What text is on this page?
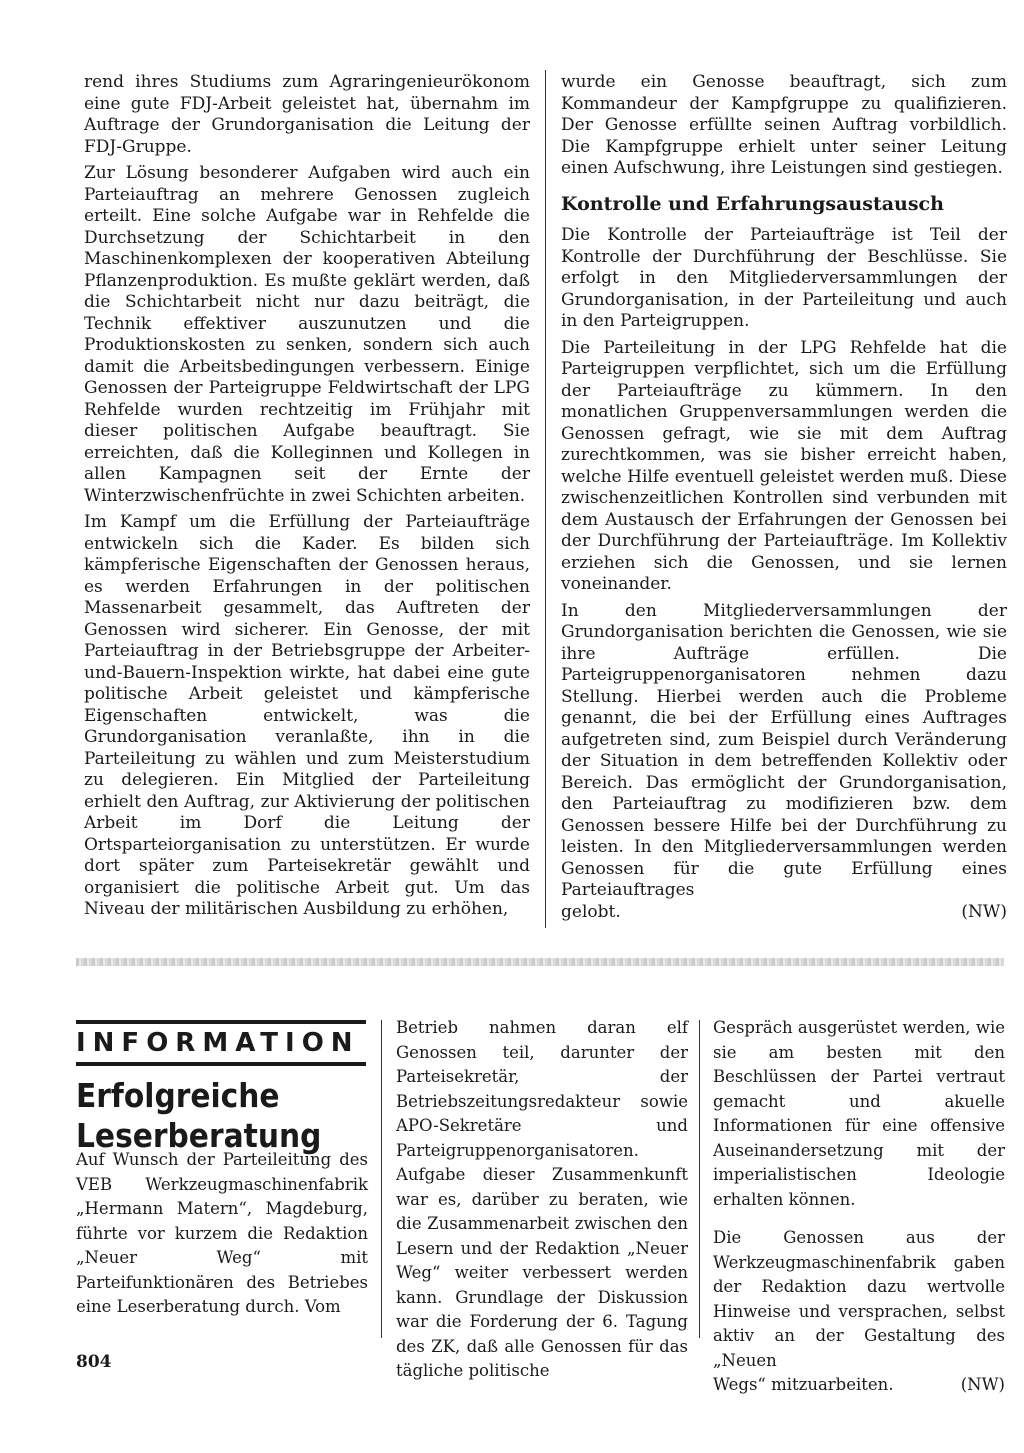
rend ihres Studiums zum Agraringenieurökonom eine gute FDJ-Arbeit geleistet hat, übernahm im Auftrage der Grundorganisation die Leitung der FDJ-Gruppe.

Zur Lösung besonderer Aufgaben wird auch ein Parteiauftrag an mehrere Genossen zugleich erteilt. Eine solche Aufgabe war in Rehfelde die Durchsetzung der Schichtarbeit in den Maschinenkomplexen der kooperativen Abteilung Pflanzenproduktion. Es mußte geklärt werden, daß die Schichtarbeit nicht nur dazu beiträgt, die Technik effektiver auszunutzen und die Produktionskosten zu senken, sondern sich auch damit die Arbeitsbedingungen verbessern. Einige Genossen der Parteigruppe Feldwirtschaft der LPG Rehfelde wurden rechtzeitig im Frühjahr mit dieser politischen Aufgabe beauftragt. Sie erreichten, daß die Kolleginnen und Kollegen in allen Kampagnen seit der Ernte der Winterzwischenfrüchte in zwei Schichten arbeiten.

Im Kampf um die Erfüllung der Parteiaufträge entwickeln sich die Kader. Es bilden sich kämpferische Eigenschaften der Genossen heraus, es werden Erfahrungen in der politischen Massenarbeit gesammelt, das Auftreten der Genossen wird sicherer. Ein Genosse, der mit Parteiauftrag in der Betriebsgruppe der Arbeiter-und-Bauern-Inspektion wirkte, hat dabei eine gute politische Arbeit geleistet und kämpferische Eigenschaften entwickelt, was die Grundorganisation veranlaßte, ihn in die Parteileitung zu wählen und zum Meisterstudium zu delegieren. Ein Mitglied der Parteileitung erhielt den Auftrag, zur Aktivierung der politischen Arbeit im Dorf die Leitung der Ortsparteiorganisation zu unterstützen. Er wurde dort später zum Parteisekretär gewählt und organisiert die politische Arbeit gut. Um das Niveau der militärischen Ausbildung zu erhöhen,

wurde ein Genosse beauftragt, sich zum Kommandeur der Kampfgruppe zu qualifizieren. Der Genosse erfüllte seinen Auftrag vorbildlich. Die Kampfgruppe erhielt unter seiner Leitung einen Aufschwung, ihre Leistungen sind gestiegen.

Kontrolle und Erfahrungsaustausch

Die Kontrolle der Parteiaufträge ist Teil der Kontrolle der Durchführung der Beschlüsse. Sie erfolgt in den Mitgliederversammlungen der Grundorganisation, in der Parteileitung und auch in den Parteigruppen.

Die Parteileitung in der LPG Rehfelde hat die Parteigruppen verpflichtet, sich um die Erfüllung der Parteiaufträge zu kümmern. In den monatlichen Gruppenversammlungen werden die Genossen gefragt, wie sie mit dem Auftrag zurechtkommen, was sie bisher erreicht haben, welche Hilfe eventuell geleistet werden muß. Diese zwischenzeitlichen Kontrollen sind verbunden mit dem Austausch der Erfahrungen der Genossen bei der Durchführung der Parteiaufträge. Im Kollektiv erziehen sich die Genossen, und sie lernen voneinander.

In den Mitgliederversammlungen der Grundorganisation berichten die Genossen, wie sie ihre Aufträge erfüllen. Die Parteigruppenorganisatoren nehmen dazu Stellung. Hierbei werden auch die Probleme genannt, die bei der Erfüllung eines Auftrages aufgetreten sind, zum Beispiel durch Veränderung der Situation in dem betreffenden Kollektiv oder Bereich. Das ermöglicht der Grundorganisation, den Parteiauftrag zu modifizieren bzw. dem Genossen bessere Hilfe bei der Durchführung zu leisten. In den Mitgliederversammlungen werden Genossen für die gute Erfüllung eines Parteiauftrages

gelobt.	(NW)
INFORMATION
Erfolgreiche
Leserberatung

Auf Wunsch der Parteileitung des VEB Werkzeugmaschinenfabrik „Hermann Matern“, Magdeburg, führte vor kurzem die Redaktion „Neuer Weg“ mit Parteifunktionären des Betriebes eine Leserberatung durch. Vom

Betrieb nahmen daran elf Genossen teil, darunter der Parteisekretär, der Betriebszeitungsredakteur sowie APO-Sekretäre und Parteigruppenorganisatoren. Aufgabe dieser Zusammenkunft war es, darüber zu beraten, wie die Zusammenarbeit zwischen den Lesern und der Redaktion „Neuer Weg“ weiter verbessert werden kann. Grundlage der Diskussion war die Forderung der 6. Tagung des ZK, daß alle Genossen für das tägliche politische

Gespräch ausgerüstet werden, wie sie am besten mit den Beschlüssen der Partei vertraut gemacht und akuelle Informationen für eine offensive Auseinandersetzung mit der imperialistischen Ideologie erhalten können.

Die Genossen aus der Werkzeugmaschinenfabrik gaben der Redaktion dazu wertvolle Hinweise und versprachen, selbst aktiv an der Gestaltung des „Neuen

Wegs“ mitzuarbeiten.	(NW)
804
